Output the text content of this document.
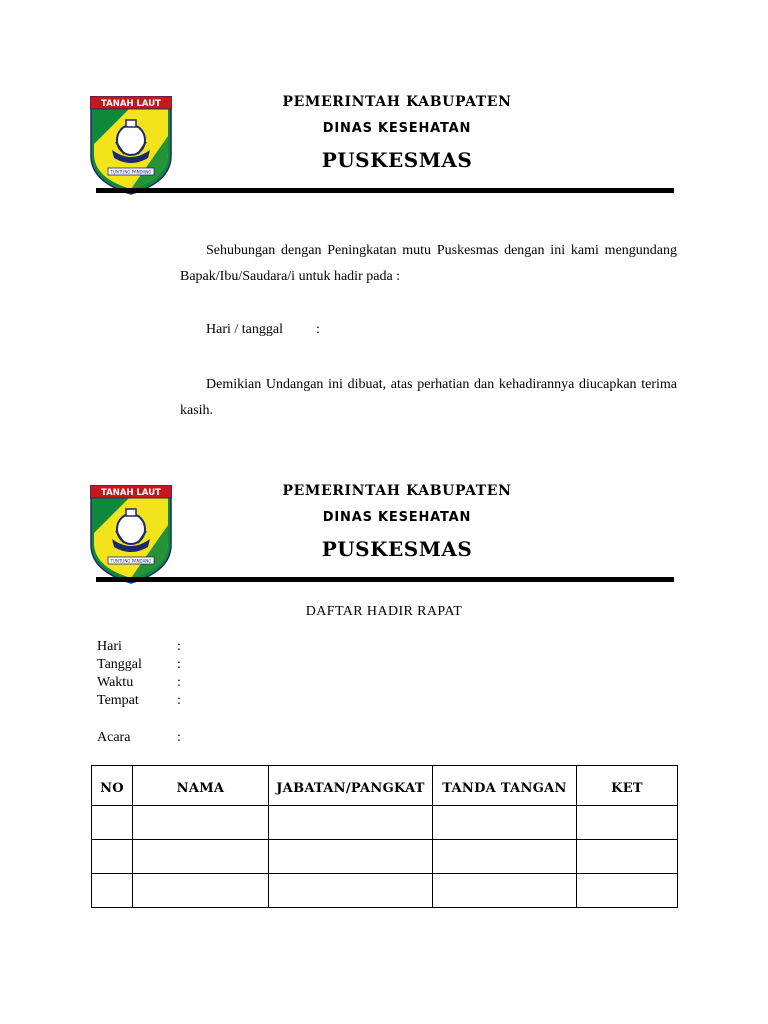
TANAH LAUT
TUNTUNG PANDANG
PEMERINTAH KABUPATEN
DINAS KESEHATAN
PUSKESMAS
Sehubungan dengan Peningkatan mutu Puskesmas dengan ini kami mengundang Bapak/Ibu/Saudara/i untuk hadir pada :
Hari / tanggal :
Demikian Undangan ini dibuat, atas perhatian dan kehadirannya diucapkan terima kasih.
TANAH LAUT
TUNTUNG PANDANG
PEMERINTAH KABUPATEN
DINAS KESEHATAN
PUSKESMAS
DAFTAR HADIR RAPAT
Hari	:
Tanggal	:
Waktu	:
Tempat	:
Acara	:
NO	NAMA	JABATAN/PANGKAT	TANDA TANGAN	KET
